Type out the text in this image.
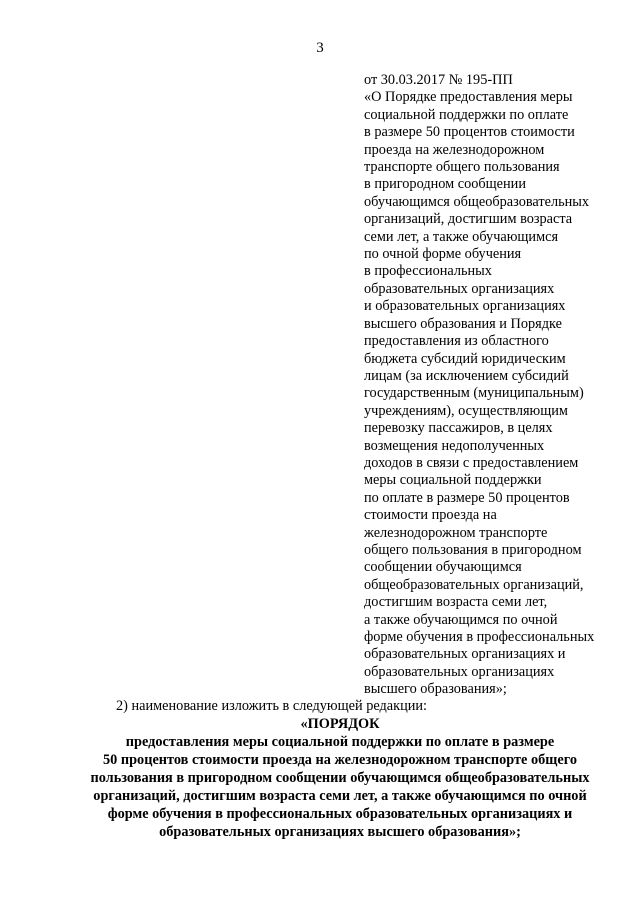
3
от 30.03.2017 № 195-ПП
«О Порядке предоставления меры
социальной поддержки по оплате
в размере 50 процентов стоимости
проезда на железнодорожном
транспорте общего пользования
в пригородном сообщении
обучающимся общеобразовательных
организаций, достигшим возраста
семи лет, а также обучающимся
по очной форме обучения
в профессиональных
образовательных организациях
и образовательных организациях
высшего образования и Порядке
предоставления из областного
бюджета субсидий юридическим
лицам (за исключением субсидий
государственным (муниципальным)
учреждениям), осуществляющим
перевозку пассажиров, в целях
возмещения недополученных
доходов в связи с предоставлением
меры социальной поддержки
по оплате в размере 50 процентов
стоимости проезда на
железнодорожном транспорте
общего пользования в пригородном
сообщении обучающимся
общеобразовательных организаций,
достигшим возраста семи лет,
а также обучающимся по очной
форме обучения в профессиональных
образовательных организациях и
образовательных организациях
высшего образования»;
2) наименование изложить в следующей редакции:
«ПОРЯДОК
предоставления меры социальной поддержки по оплате в размере
50 процентов стоимости проезда на железнодорожном транспорте общего
пользования в пригородном сообщении обучающимся общеобразовательных
организаций, достигшим возраста семи лет, а также обучающимся по очной
форме обучения в профессиональных образовательных организациях и
образовательных организациях высшего образования»;
